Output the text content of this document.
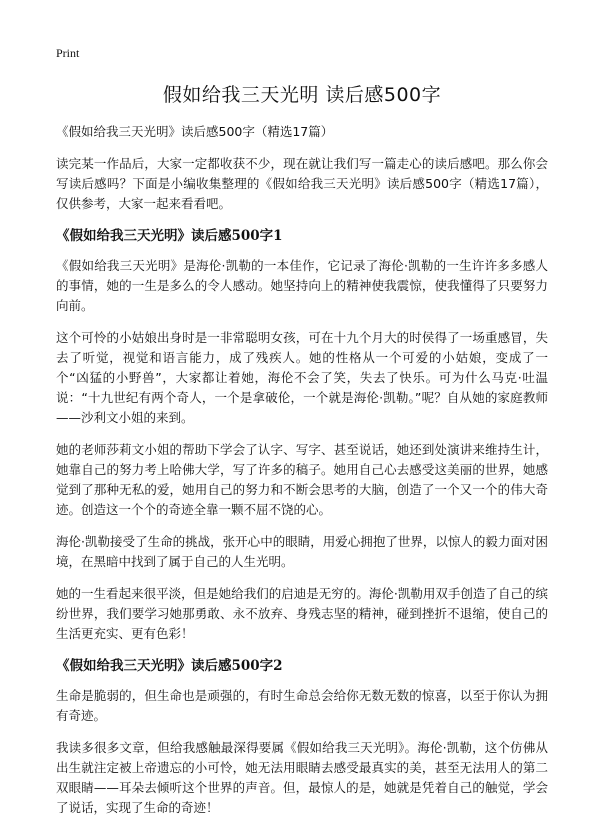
Print
假如给我三天光明 读后感500字

《假如给我三天光明》读后感500字（精选17篇）

读完某一作品后，大家一定都收获不少，现在就让我们写一篇走心的读后感吧。那么你会写读后感吗？下面是小编收集整理的《假如给我三天光明》读后感500字（精选17篇），仅供参考，大家一起来看看吧。

《假如给我三天光明》读后感500字1

《假如给我三天光明》是海伦·凯勒的一本佳作，它记录了海伦·凯勒的一生许许多多感人的事情，她的一生是多么的令人感动。她坚持向上的精神使我震惊，使我懂得了只要努力向前。

这个可怜的小姑娘出身时是一非常聪明女孩，可在十九个月大的时侯得了一场重感冒，失去了听觉，视觉和语言能力，成了残疾人。她的性格从一个可爱的小姑娘，变成了一个“凶猛的小野兽”，大家都让着她，海伦不会了笑，失去了快乐。可为什么马克·吐温说：“十九世纪有两个奇人，一个是拿破伦，一个就是海伦·凯勒。”呢？自从她的家庭教师——沙利文小姐的来到。

她的老师莎莉文小姐的帮助下学会了认字、写字、甚至说话，她还到处演讲来维持生计，她靠自己的努力考上哈佛大学，写了许多的稿子。她用自己心去感受这美丽的世界，她感觉到了那种无私的爱，她用自己的努力和不断会思考的大脑，创造了一个又一个的伟大奇迹。创造这一个个的奇迹全靠一颗不屈不饶的心。

海伦·凯勒接受了生命的挑战，张开心中的眼睛，用爱心拥抱了世界，以惊人的毅力面对困境，在黑暗中找到了属于自己的人生光明。

她的一生看起来很平淡，但是她给我们的启迪是无穷的。海伦·凯勒用双手创造了自己的缤纷世界，我们要学习她那勇敢、永不放弃、身残志坚的精神，碰到挫折不退缩，使自己的生活更充实、更有色彩！

《假如给我三天光明》读后感500字2

生命是脆弱的，但生命也是顽强的，有时生命总会给你无数无数的惊喜，以至于你认为拥有奇迹。

我读多很多文章，但给我感触最深得要属《假如给我三天光明》。海伦·凯勒，这个仿佛从出生就注定被上帝遗忘的小可怜，她无法用眼睛去感受最真实的美，甚至无法用人的第二双眼睛——耳朵去倾听这个世界的声音。但，最惊人的是，她就是凭着自己的触觉，学会了说话，实现了生命的奇迹！
